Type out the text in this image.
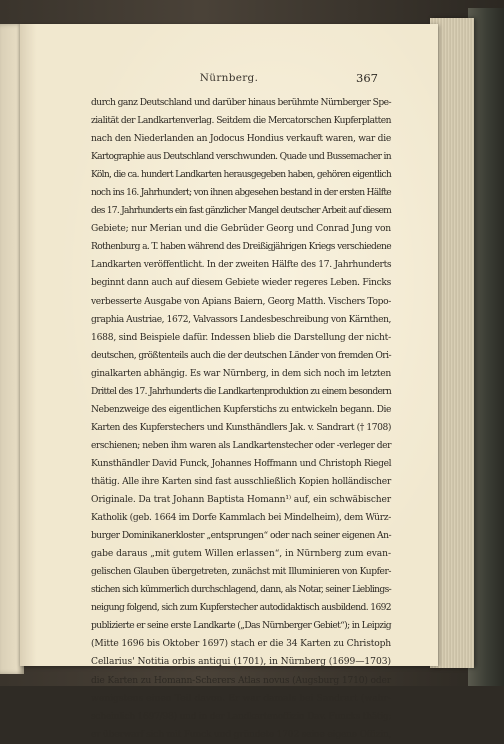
Nürnberg.	367
durch ganz Deutschland und darüber hinaus berühmte Nürnberger Spe-
zialität der Landkartenverlag. Seitdem die Mercatorschen Kupferplatten
nach den Niederlanden an Jodocus Hondius verkauft waren, war die
Kartographie aus Deutschland verschwunden. Quade und Bussemacher in
Köln, die ca. hundert Landkarten herausgegeben haben, gehören eigentlich
noch ins 16. Jahrhundert; von ihnen abgesehen bestand in der ersten Hälfte
des 17. Jahrhunderts ein fast gänzlicher Mangel deutscher Arbeit auf diesem
Gebiete; nur Merian und die Gebrüder Georg und Conrad Jung von
Rothenburg a. T. haben während des Dreißigjährigen Kriegs verschiedene
Landkarten veröffentlicht. In der zweiten Hälfte des 17. Jahrhunderts
beginnt dann auch auf diesem Gebiete wieder regeres Leben. Fincks
verbesserte Ausgabe von Apians Baiern, Georg Matth. Vischers Topo-
graphia Austriae, 1672, Valvassors Landesbeschreibung von Kärnthen,
1688, sind Beispiele dafür. Indessen blieb die Darstellung der nicht-
deutschen, größtenteils auch die der deutschen Länder von fremden Ori-
ginalkarten abhängig. Es war Nürnberg, in dem sich noch im letzten
Drittel des 17. Jahrhunderts die Landkartenproduktion zu einem besondern
Nebenzweige des eigentlichen Kupferstichs zu entwickeln begann. Die
Karten des Kupferstechers und Kunsthändlers Jak. v. Sandrart († 1708)
erschienen; neben ihm waren als Landkartenstecher oder -verleger der
Kunsthändler David Funck, Johannes Hoffmann und Christoph Riegel
thätig. Alle ihre Karten sind fast ausschließlich Kopien holländischer
Originale. Da trat Johann Baptista Homann¹⁾ auf, ein schwäbischer
Katholik (geb. 1664 im Dorfe Kammlach bei Mindelheim), dem Würz-
burger Dominikanerkloster „entsprungen“ oder nach seiner eigenen An-
gabe daraus „mit gutem Willen erlassen“, in Nürnberg zum evan-
gelischen Glauben übergetreten, zunächst mit Illuminieren von Kupfer-
stichen sich kümmerlich durchschlagend, dann, als Notar, seiner Lieblings-
neigung folgend, sich zum Kupferstecher autodidaktisch ausbildend. 1692
publizierte er seine erste Landkarte („Das Nürnberger Gebiet“); in Leipzig
(Mitte 1696 bis Oktober 1697) stach er die 34 Karten zu Christoph
Cellarius' Notitia orbis antiqui (1701), in Nürnberg (1699—1703)
die Karten zu Homann-Scherers Atlas novus (Augsburg 1710) oder
wenigstens einen Teil davon. Er war damals bei Sandrart (wahr-
scheinlich 1697/98) und in der Landkartenoffizin Dav. Funcks thätig;
er überwarf sich mit Funck und gründete 1702 seine eigene Offizin,
